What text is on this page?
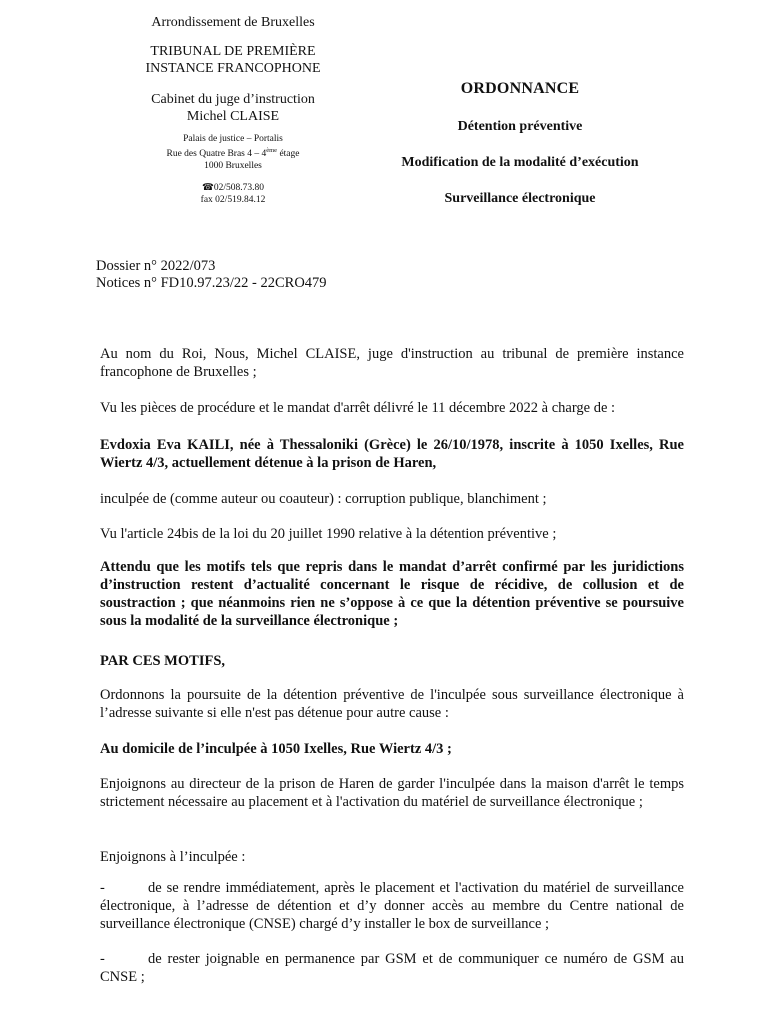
Arrondissement de Bruxelles
TRIBUNAL DE PREMIÈRE
INSTANCE FRANCOPHONE
Cabinet du juge d’instruction
Michel CLAISE
Palais de justice – Portalis
Rue des Quatre Bras 4 – 4ème étage
1000 Bruxelles
☎02/508.73.80
fax 02/519.84.12
ORDONNANCE
Détention préventive
Modification de la modalité d’exécution
Surveillance électronique
Dossier n° 2022/073
Notices n° FD10.97.23/22 - 22CRO479
Au nom du Roi, Nous, Michel CLAISE, juge d'instruction au tribunal de première instance francophone de Bruxelles ;
Vu les pièces de procédure et le mandat d'arrêt délivré le 11 décembre 2022 à charge de :
Evdoxia Eva KAILI, née à Thessaloniki (Grèce) le 26/10/1978, inscrite à 1050 Ixelles, Rue Wiertz 4/3, actuellement détenue à la prison de Haren,
inculpée de (comme auteur ou coauteur) : corruption publique, blanchiment ;
Vu l'article 24bis de la loi du 20 juillet 1990 relative à la détention préventive ;
Attendu que les motifs tels que repris dans le mandat d’arrêt confirmé par les juridictions d’instruction restent d’actualité concernant le risque de récidive, de collusion et de soustraction ; que néanmoins rien ne s’oppose à ce que la détention préventive se poursuive sous la modalité de la surveillance électronique ;
PAR CES MOTIFS,
Ordonnons la poursuite de la détention préventive de l'inculpée sous surveillance électronique à l’adresse suivante si elle n'est pas détenue pour autre cause :
Au domicile de l’inculpée à 1050 Ixelles, Rue Wiertz 4/3 ;
Enjoignons au directeur de la prison de Haren de garder l'inculpée dans la maison d'arrêt le temps strictement nécessaire au placement et à l'activation du matériel de surveillance électronique ;
Enjoignons à l’inculpée :
-	de se rendre immédiatement, après le placement et l'activation du matériel de surveillance électronique, à l’adresse de détention et d’y donner accès au membre du Centre national de surveillance électronique (CNSE) chargé d’y installer le box de surveillance ;
-	de rester joignable en permanence par GSM et de communiquer ce numéro de GSM au CNSE ;
